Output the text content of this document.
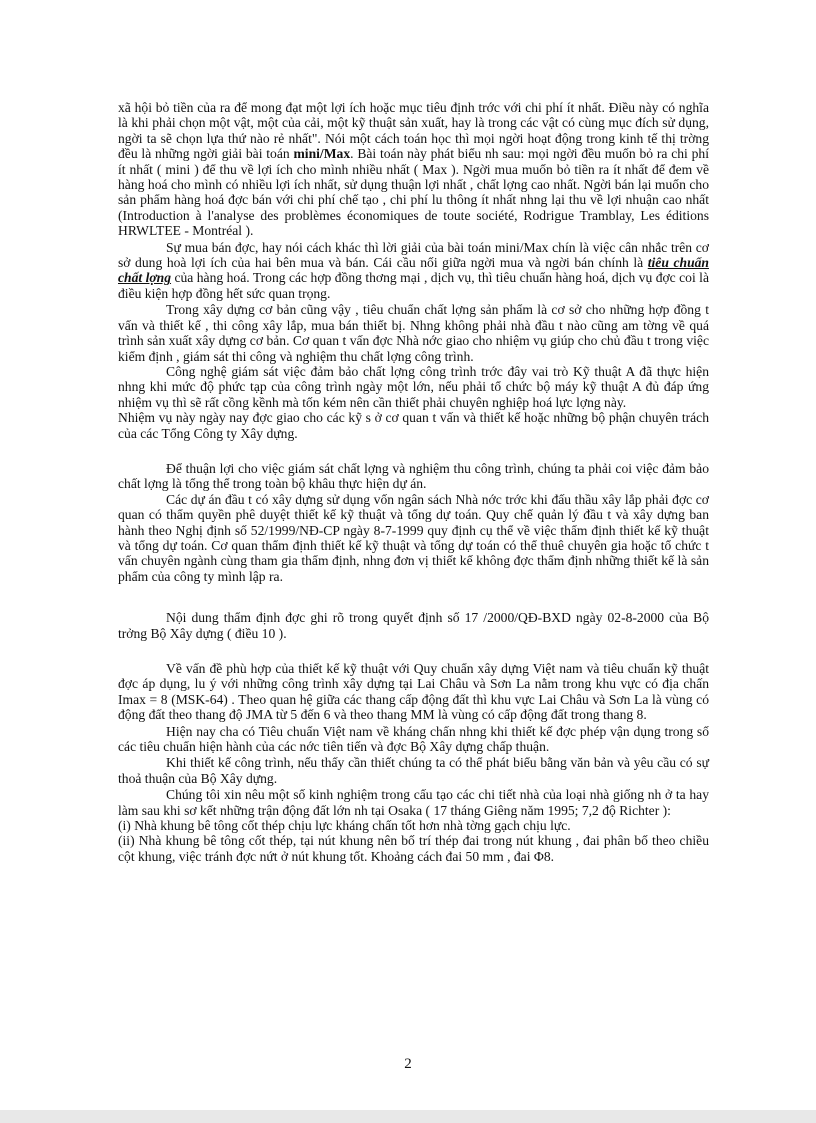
xã hội bỏ tiền của ra để mong đạt một lợi ích hoặc mục tiêu định trớc với chi phí ít nhất. Điều này có nghĩa là khi phải chọn một vật, một của cải, một kỹ thuật sản xuất, hay là trong các vật có cùng mục đích sử dụng, ngời ta sẽ chọn lựa thứ nào rẻ nhất". Nói một cách toán học thì mọi ngời hoạt động trong kinh tế thị trờng đều là những ngời giải bài toán mini/Max. Bài toán này phát biểu nh sau: mọi ngời đều muốn bỏ ra chi phí ít nhất ( mini ) để thu về lợi ích cho mình nhiều nhất ( Max ). Ngời mua muốn bỏ tiền ra ít nhất để đem về hàng hoá cho mình có nhiều lợi ích nhất, sử dụng thuận lợi nhất , chất lợng cao nhất. Ngời bán lại muốn cho sản phẩm hàng hoá đợc bán với chi phí chế tạo , chi phí lu thông ít nhất nhng lại thu về lợi nhuận cao nhất (Introduction à l'analyse des problèmes économiques de toute société, Rodrigue Tramblay, Les éditions HRWLTEE - Montréal ).

Sự mua bán đợc, hay nói cách khác thì lời giải của bài toán mini/Max chín là việc cân nhắc trên cơ sở dung hoà lợi ích của hai bên mua và bán. Cái cầu nối giữa ngời mua và ngời bán chính là tiêu chuẩn chất lợng của hàng hoá. Trong các hợp đồng thơng mại , dịch vụ, thì tiêu chuẩn hàng hoá, dịch vụ đợc coi là điều kiện hợp đồng hết sức quan trọng.

Trong xây dựng cơ bản cũng vậy , tiêu chuẩn chất lợng sản phẩm là cơ sở cho những hợp đồng t vấn và thiết kế , thi công xây lắp, mua bán thiết bị. Nhng không phải nhà đầu t nào cũng am tờng về quá trình sản xuất xây dựng cơ bản. Cơ quan t vấn đợc Nhà nớc giao cho nhiệm vụ giúp cho chủ đầu t trong việc kiểm định , giám sát thi công và nghiệm thu chất lợng công trình.

Công nghệ giám sát việc đảm bảo chất lợng công trình trớc đây vai trò Kỹ thuật A đã thực hiện nhng khi mức độ phức tạp của công trình ngày một lớn, nếu phải tổ chức bộ máy kỹ thuật A đủ đáp ứng nhiệm vụ thì sẽ rất cồng kềnh mà tốn kém nên cần thiết phải chuyên nghiệp hoá lực lợng này.

Nhiệm vụ này ngày nay đợc giao cho các kỹ s ở cơ quan t vấn và thiết kế hoặc những bộ phận chuyên trách của các Tổng Công ty Xây dựng.

Để thuận lợi cho việc giám sát chất lợng và nghiệm thu công trình, chúng ta phải coi việc đảm bảo chất lợng là tổng thể trong toàn bộ khâu thực hiện dự án.

Các dự án đầu t có xây dựng sử dụng vốn ngân sách Nhà nớc trớc khi đấu thầu xây lắp phải đợc cơ quan có thẩm quyền phê duyệt thiết kế kỹ thuật và tổng dự toán. Quy chế quản lý đầu t và xây dựng ban hành theo Nghị định số 52/1999/NĐ-CP ngày 8-7-1999 quy định cụ thể về việc thẩm định thiết kế kỹ thuật và tổng dự toán. Cơ quan thẩm định thiết kế kỹ thuật và tổng dự toán có thể thuê chuyên gia hoặc tổ chức t vấn chuyên ngành cùng tham gia thẩm định, nhng đơn vị thiết kế không đợc thẩm định những thiết kế là sản phẩm của công ty mình lập ra.

Nội dung thẩm định đợc ghi rõ trong quyết định số 17 /2000/QĐ-BXD ngày 02-8-2000 của Bộ trởng Bộ Xây dựng ( điều 10 ).

Về vấn đề phù hợp của thiết kế kỹ thuật với Quy chuẩn xây dựng Việt nam và tiêu chuẩn kỹ thuật đợc áp dụng, lu ý với những công trình xây dựng tại Lai Châu và Sơn La nằm trong khu vực có địa chấn Imax = 8 (MSK-64) . Theo quan hệ giữa các thang cấp động đất thì khu vực Lai Châu và Sơn La là vùng có động đất theo thang độ JMA từ 5 đến 6 và theo thang MM là vùng có cấp động đất trong thang 8.

Hiện nay cha có Tiêu chuẩn Việt nam về kháng chấn nhng khi thiết kế đợc phép vận dụng trong số các tiêu chuẩn hiện hành của các nớc tiên tiến và đợc Bộ Xây dựng chấp thuận.

Khi thiết kế công trình, nếu thấy cần thiết chúng ta có thể phát biểu bằng văn bản và yêu cầu có sự thoả thuận của Bộ Xây dựng.

Chúng tôi xin nêu một số kinh nghiệm trong cấu tạo các chi tiết nhà của loại nhà giống nh ở ta hay làm sau khi sơ kết những trận động đất lớn nh tại Osaka ( 17 tháng Giêng năm 1995; 7,2 độ Richter ):

(i) Nhà khung bê tông cốt thép chịu lực kháng chấn tốt hơn nhà tờng gạch chịu lực.

(ii) Nhà khung bê tông cốt thép, tại nút khung nên bố trí thép đai trong nút khung , đai phân bố theo chiều cột khung, việc tránh đợc nứt ở nút khung tốt. Khoảng cách đai 50 mm , đai Φ8.

2
